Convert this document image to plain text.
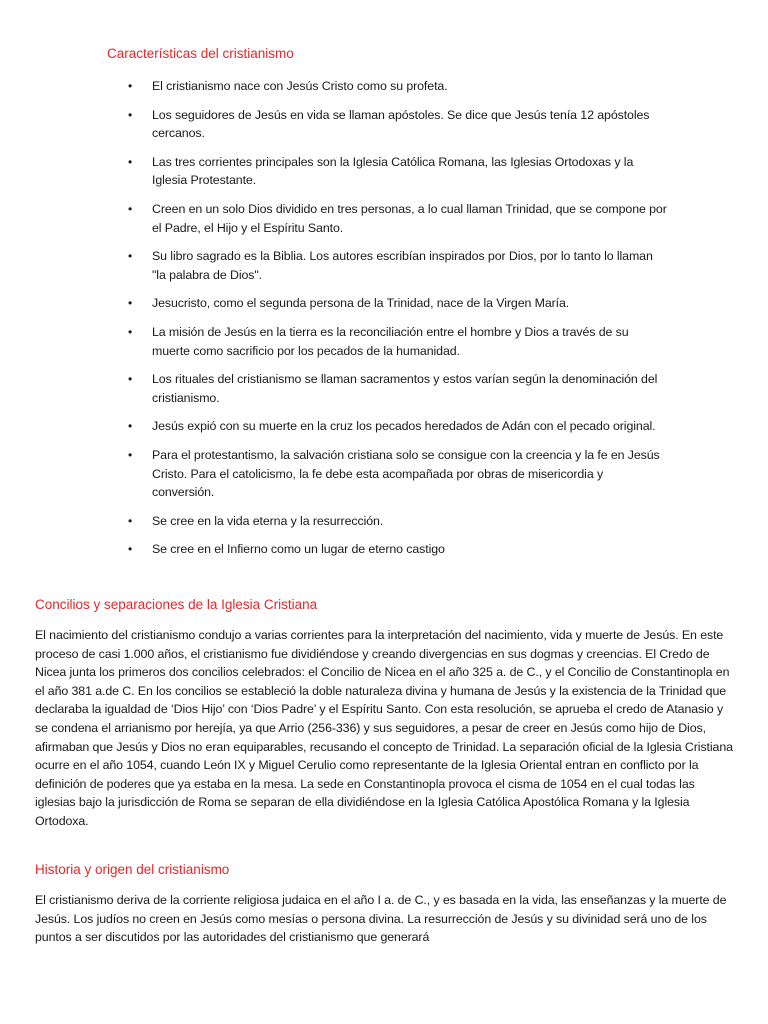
Características del cristianismo
• El cristianismo nace con Jesús Cristo como su profeta.
• Los seguidores de Jesús en vida se llaman apóstoles. Se dice que Jesús tenía 12 apóstoles cercanos.
• Las tres corrientes principales son la Iglesia Católica Romana, las Iglesias Ortodoxas y la Iglesia Protestante.
• Creen en un solo Dios dividido en tres personas, a lo cual llaman Trinidad, que se compone por el Padre, el Hijo y el Espíritu Santo.
• Su libro sagrado es la Biblia. Los autores escribían inspirados por Dios, por lo tanto lo llaman "la palabra de Dios".
• Jesucristo, como el segunda persona de la Trinidad, nace de la Virgen María.
• La misión de Jesús en la tierra es la reconciliación entre el hombre y Dios a través de su muerte como sacrificio por los pecados de la humanidad.
• Los rituales del cristianismo se llaman sacramentos y estos varían según la denominación del cristianismo.
• Jesús expió con su muerte en la cruz los pecados heredados de Adán con el pecado original.
• Para el protestantismo, la salvación cristiana solo se consigue con la creencia y la fe en Jesús Cristo. Para el catolicismo, la fe debe esta acompañada por obras de misericordia y conversión.
• Se cree en la vida eterna y la resurrección.
• Se cree en el Infierno como un lugar de eterno castigo
Concilios y separaciones de la Iglesia Cristiana

El nacimiento del cristianismo condujo a varias corrientes para la interpretación del nacimiento, vida y muerte de Jesús. En este proceso de casi 1.000 años, el cristianismo fue dividiéndose y creando divergencias en sus dogmas y creencias. El Credo de Nicea junta los primeros dos concilios celebrados: el Concilio de Nicea en el año 325 a. de C., y el Concilio de Constantinopla en el año 381 a.de C. En los concilios se estableció la doble naturaleza divina y humana de Jesús y la existencia de la Trinidad que declaraba la igualdad de ‘Dios Hijo’ con ‘Dios Padre’ y el Espíritu Santo. Con esta resolución, se aprueba el credo de Atanasio y se condena el arrianismo por herejía, ya que Arrio (256-336) y sus seguidores, a pesar de creer en Jesús como hijo de Dios, afirmaban que Jesús y Dios no eran equiparables, recusando el concepto de Trinidad. La separación oficial de la Iglesia Cristiana ocurre en el año 1054, cuando León IX y Miguel Cerulio como representante de la Iglesia Oriental entran en conflicto por la definición de poderes que ya estaba en la mesa. La sede en Constantinopla provoca el cisma de 1054 en el cual todas las iglesias bajo la jurisdicción de Roma se separan de ella dividiéndose en la Iglesia Católica Apostólica Romana y la Iglesia Ortodoxa.

Historia y origen del cristianismo

El cristianismo deriva de la corriente religiosa judaica en el año I a. de C., y es basada en la vida, las enseñanzas y la muerte de Jesús. Los judíos no creen en Jesús como mesías o persona divina. La resurrección de Jesús y su divinidad será uno de los puntos a ser discutidos por las autoridades del cristianismo que generará
